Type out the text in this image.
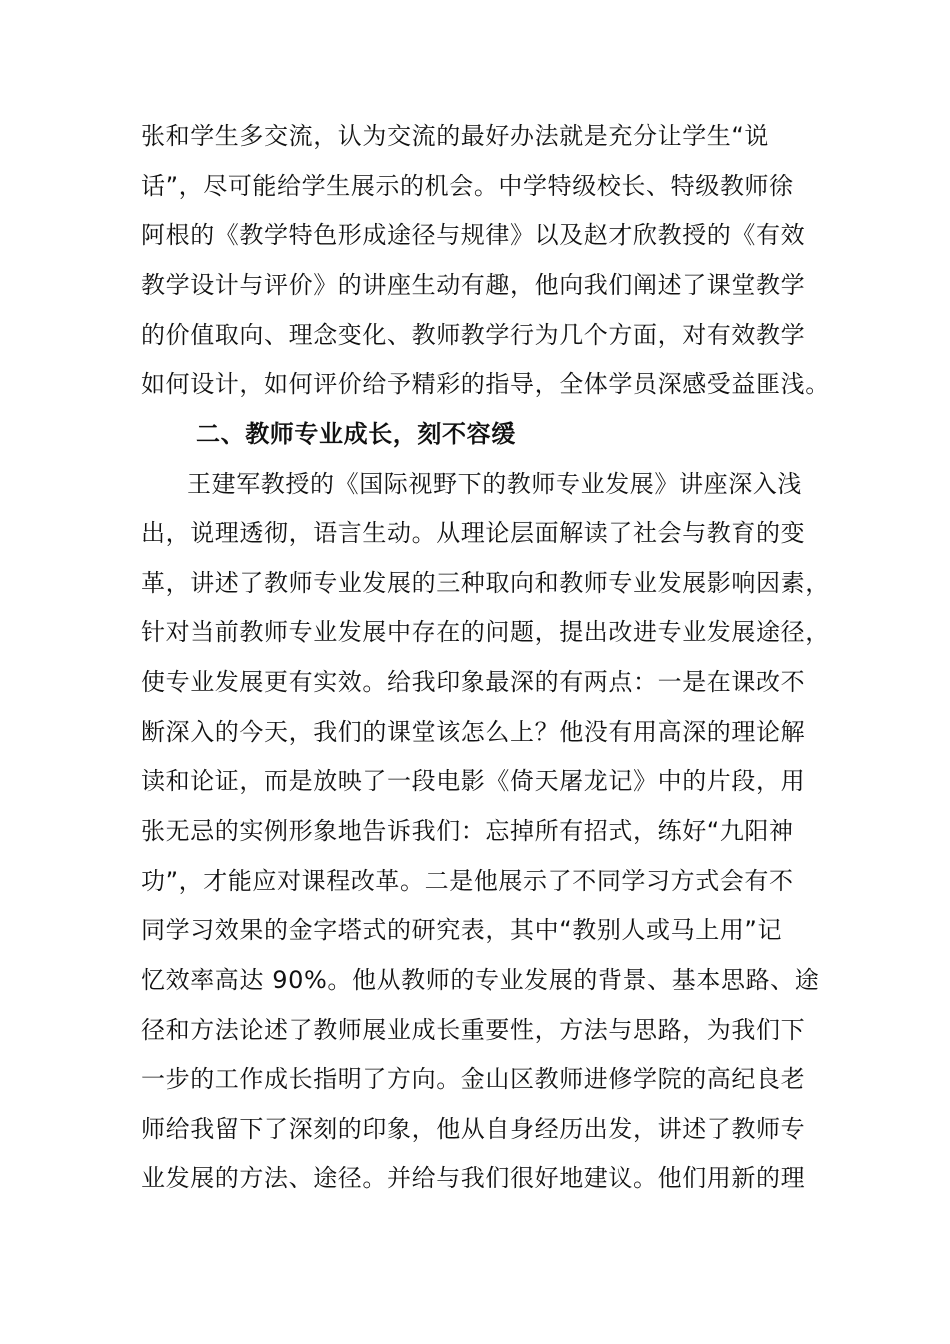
张和学生多交流，认为交流的最好办法就是充分让学生“说
话”，尽可能给学生展示的机会。中学特级校长、特级教师徐
阿根的《教学特色形成途径与规律》以及赵才欣教授的《有效
教学设计与评价》的讲座生动有趣，他向我们阐述了课堂教学
的价值取向、理念变化、教师教学行为几个方面，对有效教学
如何设计，如何评价给予精彩的指导，全体学员深感受益匪浅。
二、教师专业成长，刻不容缓
王建军教授的《国际视野下的教师专业发展》讲座深入浅
出，说理透彻，语言生动。从理论层面解读了社会与教育的变
革，讲述了教师专业发展的三种取向和教师专业发展影响因素，
针对当前教师专业发展中存在的问题，提出改进专业发展途径，
使专业发展更有实效。给我印象最深的有两点：一是在课改不
断深入的今天，我们的课堂该怎么上？他没有用高深的理论解
读和论证，而是放映了一段电影《倚天屠龙记》中的片段，用
张无忌的实例形象地告诉我们：忘掉所有招式，练好“九阳神
功”，才能应对课程改革。二是他展示了不同学习方式会有不
同学习效果的金字塔式的研究表，其中“教别人或马上用”记
忆效率高达 90%。他从教师的专业发展的背景、基本思路、途
径和方法论述了教师展业成长重要性，方法与思路，为我们下
一步的工作成长指明了方向。金山区教师进修学院的高纪良老
师给我留下了深刻的印象，他从自身经历出发，讲述了教师专
业发展的方法、途径。并给与我们很好地建议。他们用新的理
